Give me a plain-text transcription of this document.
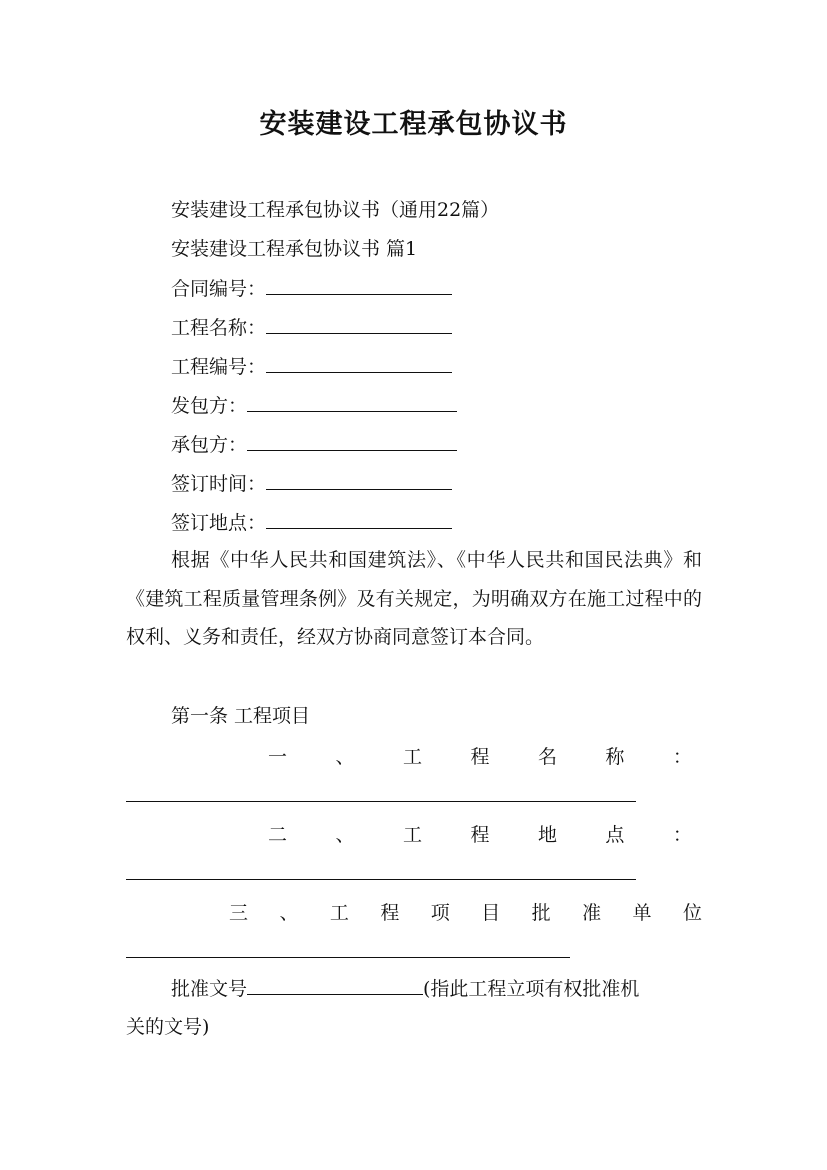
安装建设工程承包协议书
安装建设工程承包协议书（通用22篇）
安装建设工程承包协议书 篇1
合同编号：
工程名称：
工程编号：
发包方：
承包方：
签订时间：
签订地点：
根据《中华人民共和国建筑法》、《中华人民共和国民法典》和《建筑工程质量管理条例》及有关规定，为明确双方在施工过程中的权利、义务和责任，经双方协商同意签订本合同。
第一条 工程项目
一	、	工	程	名	称	：
二	、	工	程	地	点	：
三 、 工 程 项 目 批 准 单 位
批准文号	(指此工程立项有权批准机
关的文号)
